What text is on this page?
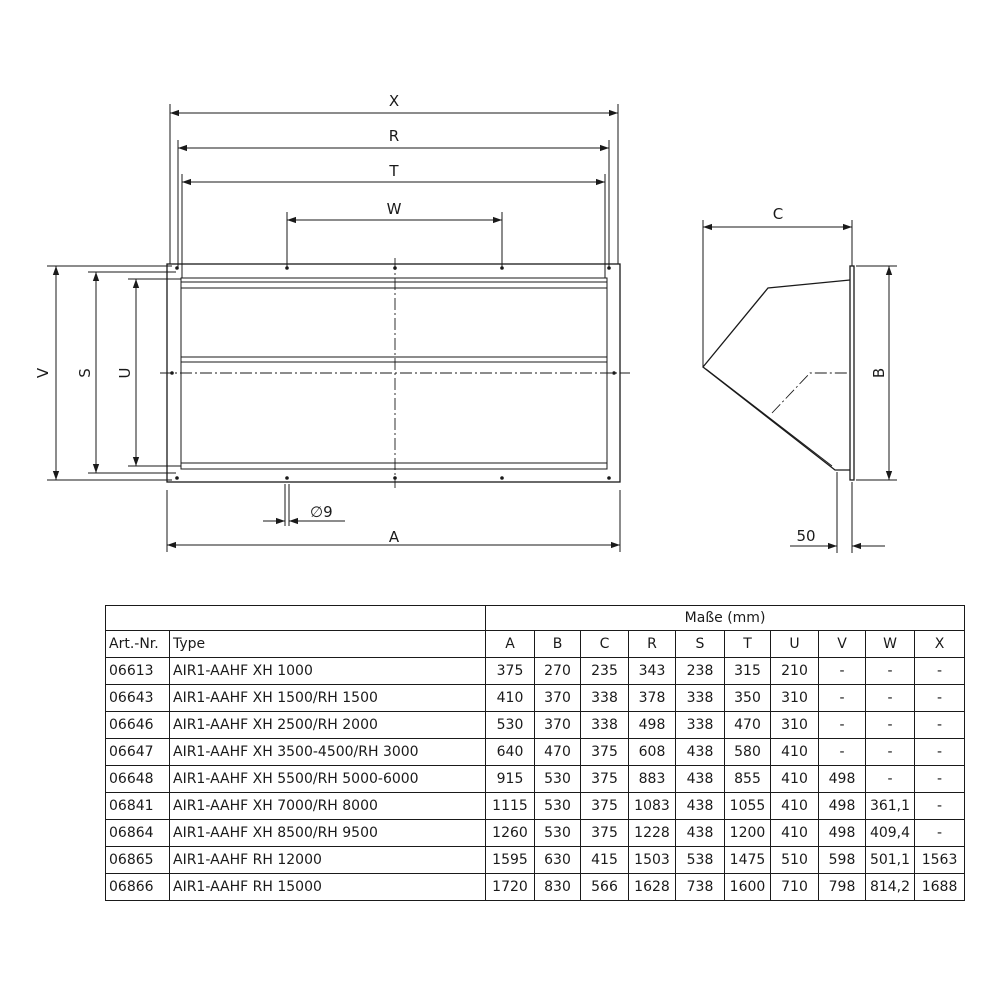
X
R
T
W
V S U
A
∅9
C
B
50
		Maße (mm)									
Art.-Nr.	Type	A	B	C	R	S	T	U	V	W	X
06613	AIR1-AAHF XH 1000	375	270	235	343	238	315	210	-	-	-
06643	AIR1-AAHF XH 1500/RH 1500	410	370	338	378	338	350	310	-	-	-
06646	AIR1-AAHF XH 2500/RH 2000	530	370	338	498	338	470	310	-	-	-
06647	AIR1-AAHF XH 3500-4500/RH 3000	640	470	375	608	438	580	410	-	-	-
06648	AIR1-AAHF XH 5500/RH 5000-6000	915	530	375	883	438	855	410	498	-	-
06841	AIR1-AAHF XH 7000/RH 8000	1115	530	375	1083	438	1055	410	498	361,1	-
06864	AIR1-AAHF XH 8500/RH 9500	1260	530	375	1228	438	1200	410	498	409,4	-
06865	AIR1-AAHF RH 12000	1595	630	415	1503	538	1475	510	598	501,1	1563
06866	AIR1-AAHF RH 15000	1720	830	566	1628	738	1600	710	798	814,2	1688
